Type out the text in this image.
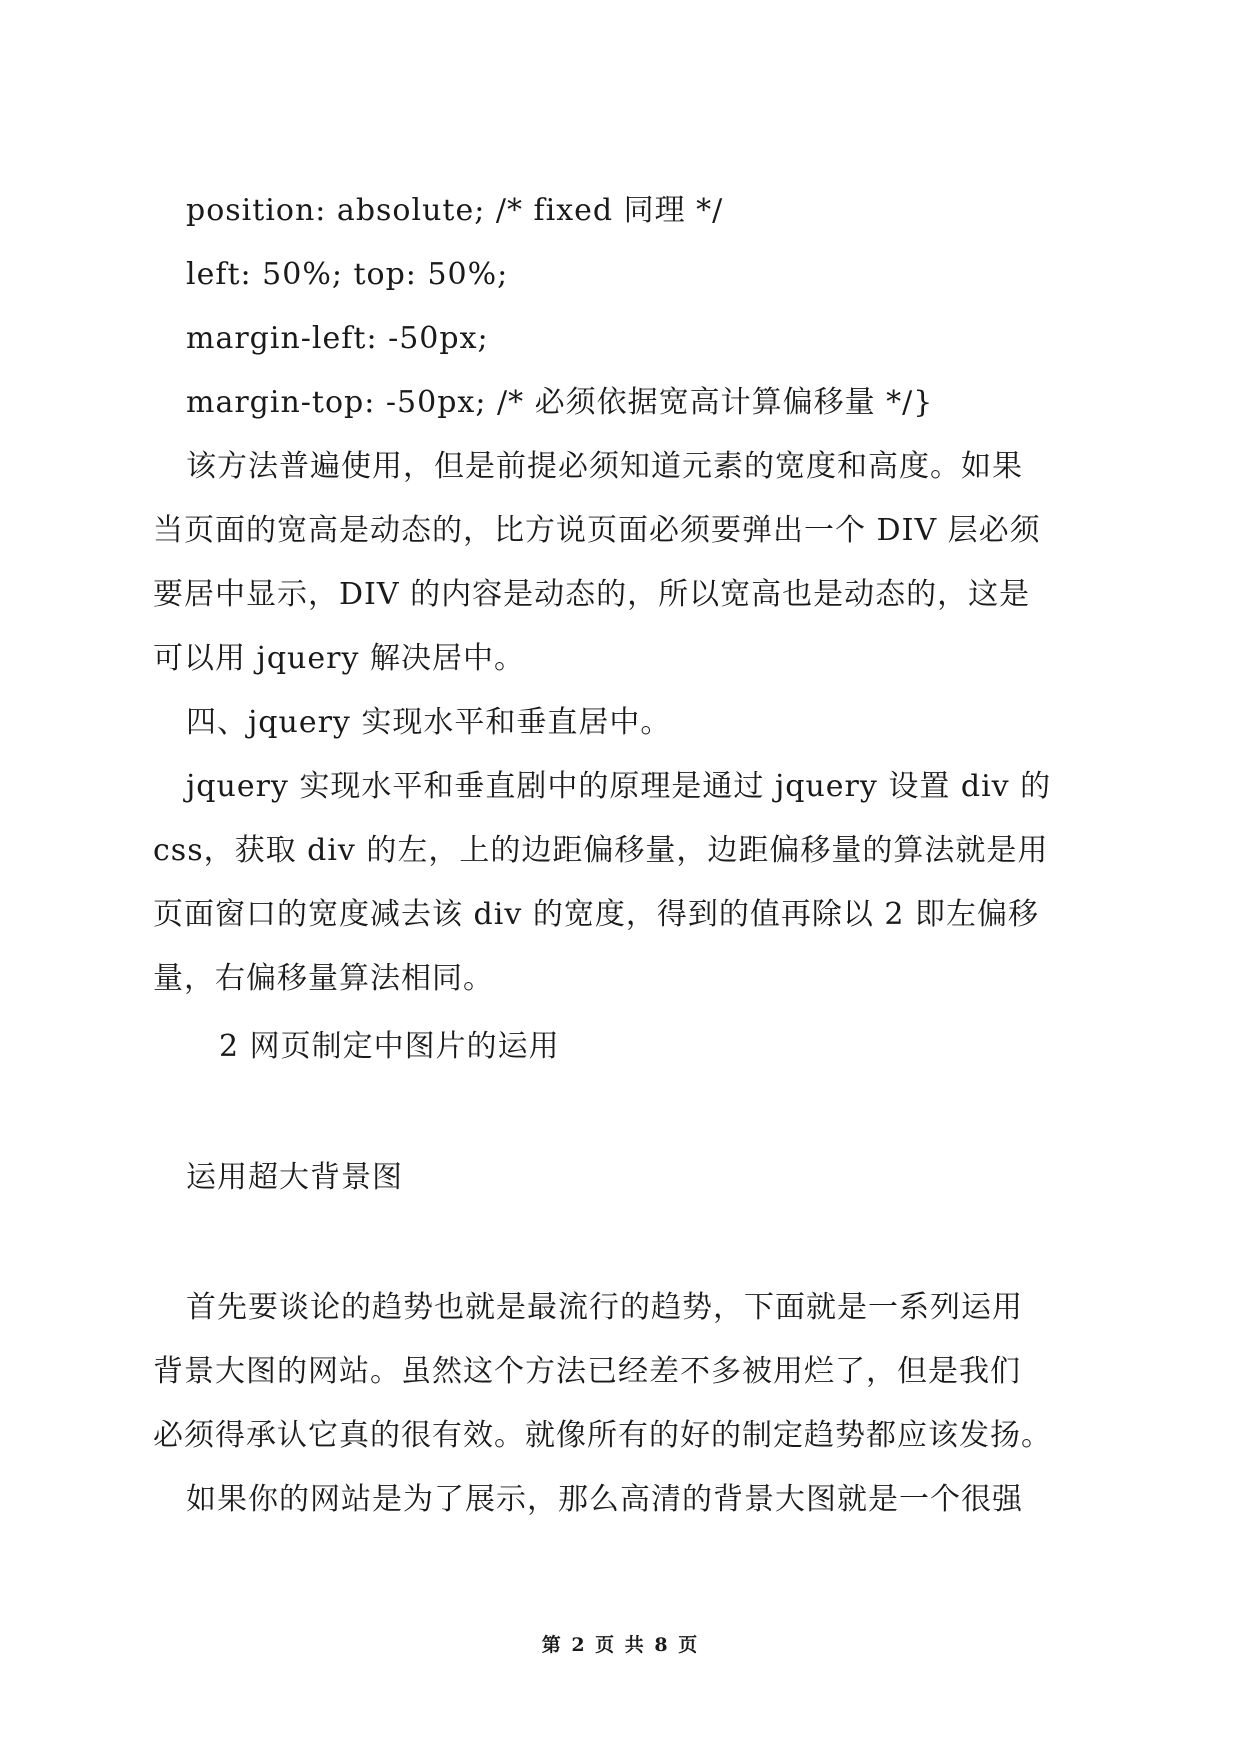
position: absolute; /* fixed 同理 */
left: 50%; top: 50%;
margin-left: -50px;
margin-top: -50px; /* 必须依据宽高计算偏移量 */}
该方法普遍使用，但是前提必须知道元素的宽度和高度。如果
当页面的宽高是动态的，比方说页面必须要弹出一个 DIV 层必须
要居中显示，DIV 的内容是动态的，所以宽高也是动态的，这是
可以用 jquery 解决居中。
四、jquery 实现水平和垂直居中。
jquery 实现水平和垂直剧中的原理是通过 jquery 设置 div 的
css，获取 div 的左，上的边距偏移量，边距偏移量的算法就是用
页面窗口的宽度减去该 div 的宽度，得到的值再除以 2 即左偏移
量，右偏移量算法相同。
2 网页制定中图片的运用
运用超大背景图
首先要谈论的趋势也就是最流行的趋势，下面就是一系列运用
背景大图的网站。虽然这个方法已经差不多被用烂了，但是我们
必须得承认它真的很有效。就像所有的好的制定趋势都应该发扬。
如果你的网站是为了展示，那么高清的背景大图就是一个很强
第 2 页 共 8 页
